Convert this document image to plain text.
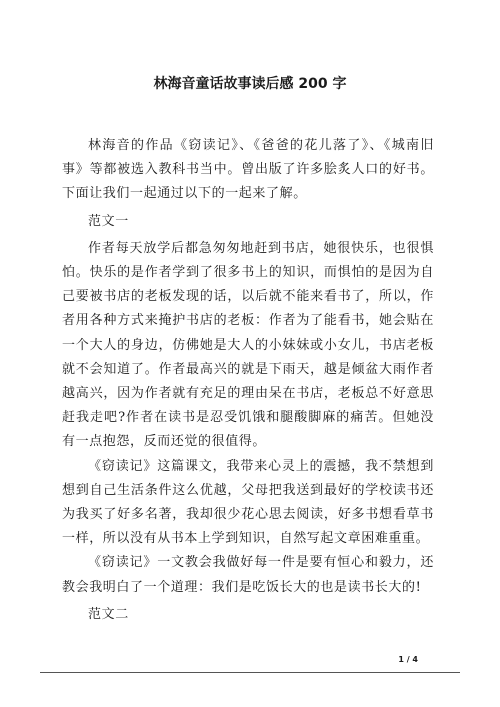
林海音童话故事读后感 200 字

林海音的作品《窃读记》、《爸爸的花儿落了》、《城南旧事》等都被选入教科书当中。曾出版了许多脍炙人口的好书。下面让我们一起通过以下的一起来了解。

范文一

作者每天放学后都急匆匆地赶到书店，她很快乐，也很惧怕。快乐的是作者学到了很多书上的知识，而惧怕的是因为自己要被书店的老板发现的话，以后就不能来看书了，所以，作者用各种方式来掩护书店的老板：作者为了能看书，她会贴在一个大人的身边，仿佛她是大人的小妹妹或小女儿，书店老板就不会知道了。作者最高兴的就是下雨天，越是倾盆大雨作者越高兴，因为作者就有充足的理由呆在书店，老板总不好意思赶我走吧?作者在读书是忍受饥饿和腿酸脚麻的痛苦。但她没有一点抱怨，反而还觉的很值得。

《窃读记》这篇课文，我带来心灵上的震撼，我不禁想到想到自己生活条件这么优越，父母把我送到最好的学校读书还为我买了好多名著，我却很少花心思去阅读，好多书想看草书一样，所以没有从书本上学到知识，自然写起文章困难重重。

《窃读记》一文教会我做好每一件是要有恒心和毅力，还教会我明白了一个道理：我们是吃饭长大的也是读书长大的!

范文二

1 / 4
